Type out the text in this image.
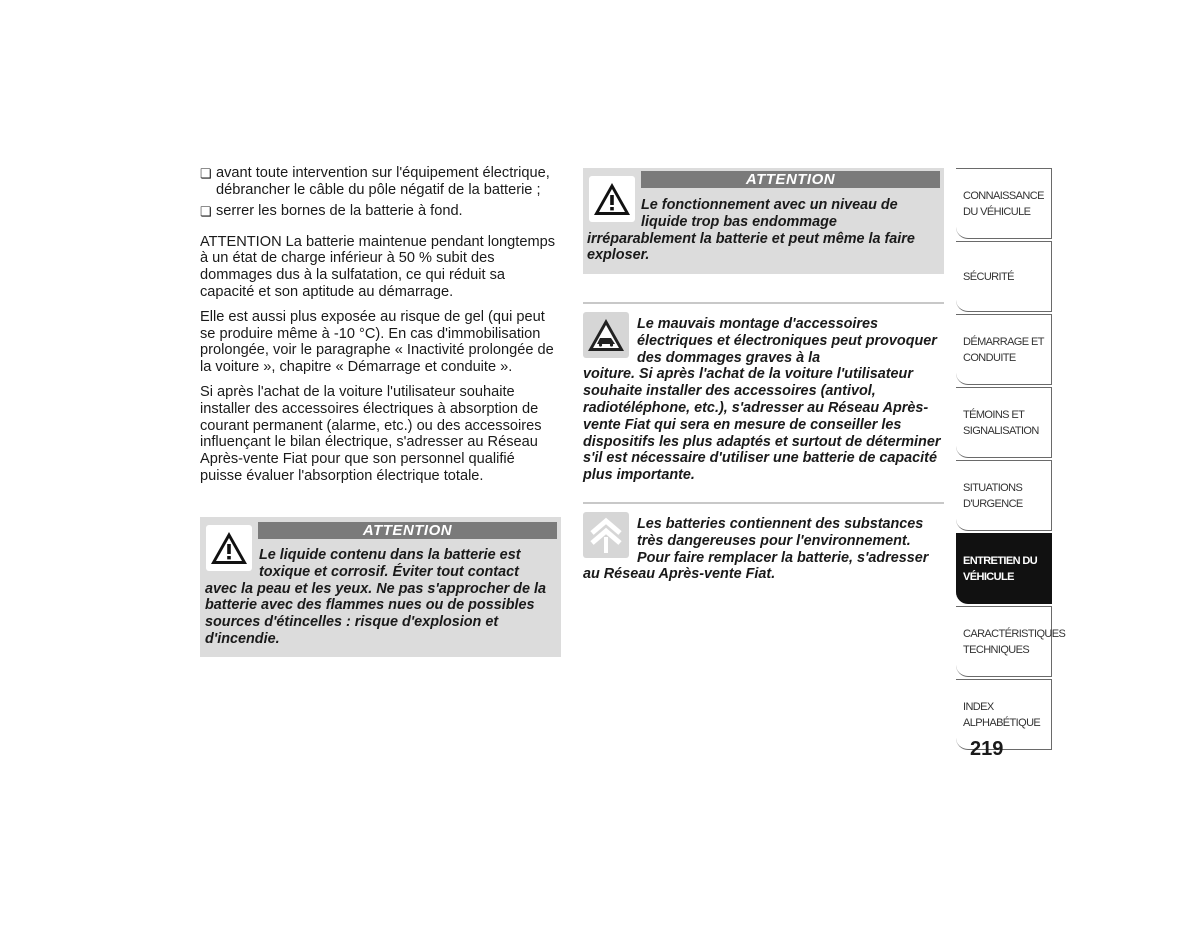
❏ avant toute intervention sur l'équipement électrique, débrancher le câble du pôle négatif de la batterie ;
❏ serrer les bornes de la batterie à fond.

ATTENTION La batterie maintenue pendant longtemps à un état de charge inférieur à 50 % subit des dommages dus à la sulfatation, ce qui réduit sa capacité et son aptitude au démarrage.

Elle est aussi plus exposée au risque de gel (qui peut se produire même à -10 °C). En cas d'immobilisation prolongée, voir le paragraphe « Inactivité prolongée de la voiture », chapitre « Démarrage et conduite ».

Si après l'achat de la voiture l'utilisateur souhaite installer des accessoires électriques à absorption de courant permanent (alarme, etc.) ou des accessoires influençant le bilan électrique, s'adresser au Réseau Après-vente Fiat pour que son personnel qualifié puisse évaluer l'absorption électrique totale.

ATTENTION
Le liquide contenu dans la batterie est toxique et corrosif. Éviter tout contact
avec la peau et les yeux. Ne pas s'approcher de la batterie avec des flammes nues ou de possibles sources d'étincelles : risque d'explosion et d'incendie.
ATTENTION
Le fonctionnement avec un niveau de liquide trop bas endommage
irréparablement la batterie et peut même la faire exploser.
Le mauvais montage d'accessoires électriques et électroniques peut provoquer des dommages graves à la
voiture. Si après l'achat de la voiture l'utilisateur souhaite installer des accessoires (antivol, radiotéléphone, etc.), s'adresser au Réseau Après-vente Fiat qui sera en mesure de conseiller les dispositifs les plus adaptés et surtout de déterminer s'il est nécessaire d'utiliser une batterie de capacité plus importante.
Les batteries contiennent des substances très dangereuses pour l'environnement. Pour faire remplacer la batterie, s'adresser
au Réseau Après-vente Fiat.
CONNAISSANCE DU VÉHICULE
SÉCURITÉ
DÉMARRAGE ET CONDUITE
TÉMOINS ET SIGNALISATION
SITUATIONS D'URGENCE
ENTRETIEN DU VÉHICULE
CARACTÉRISTIQUES TECHNIQUES
INDEX ALPHABÉTIQUE
219
